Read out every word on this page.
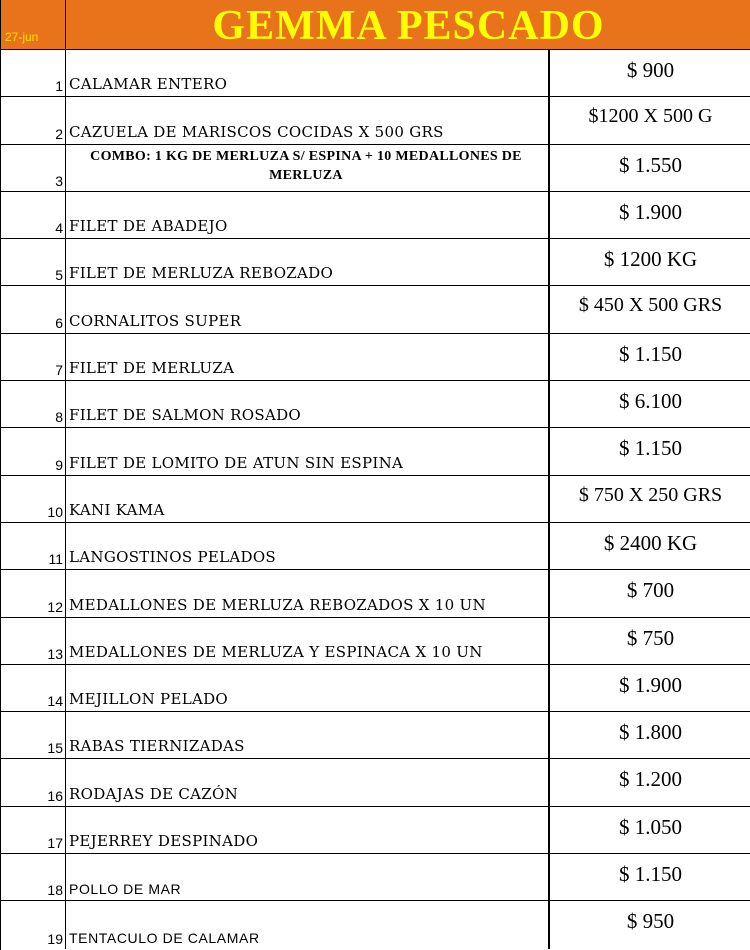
27-jun	GEMMA PESCADO
1 CALAMAR ENTERO
$ 900
2 CAZUELA DE MARISCOS COCIDAS X 500 GRS
$1200 X 500 G
3
COMBO: 1 KG DE MERLUZA S/ ESPINA + 10 MEDALLONES DE MERLUZA	$ 1.550
4 FILET DE ABADEJO
$ 1.900
5 FILET DE MERLUZA REBOZADO
$ 1200 KG
6 CORNALITOS SUPER
$ 450 X 500 GRS
7 FILET DE MERLUZA
$ 1.150
8 FILET DE SALMON ROSADO
$ 6.100
9 FILET DE LOMITO DE ATUN SIN ESPINA
$ 1.150
10 KANI KAMA
$ 750 X 250 GRS
11 LANGOSTINOS PELADOS
$ 2400 KG
12 MEDALLONES DE MERLUZA REBOZADOS X 10 UN
$ 700
13 MEDALLONES DE MERLUZA Y ESPINACA X 10 UN
$ 750
14 MEJILLON PELADO
$ 1.900
15 RABAS TIERNIZADAS
$ 1.800
16 RODAJAS DE CAZÓN
$ 1.200
17 PEJERREY DESPINADO
$ 1.050
18 POLLO DE MAR
$ 1.150
19 TENTACULO DE CALAMAR
$ 950
